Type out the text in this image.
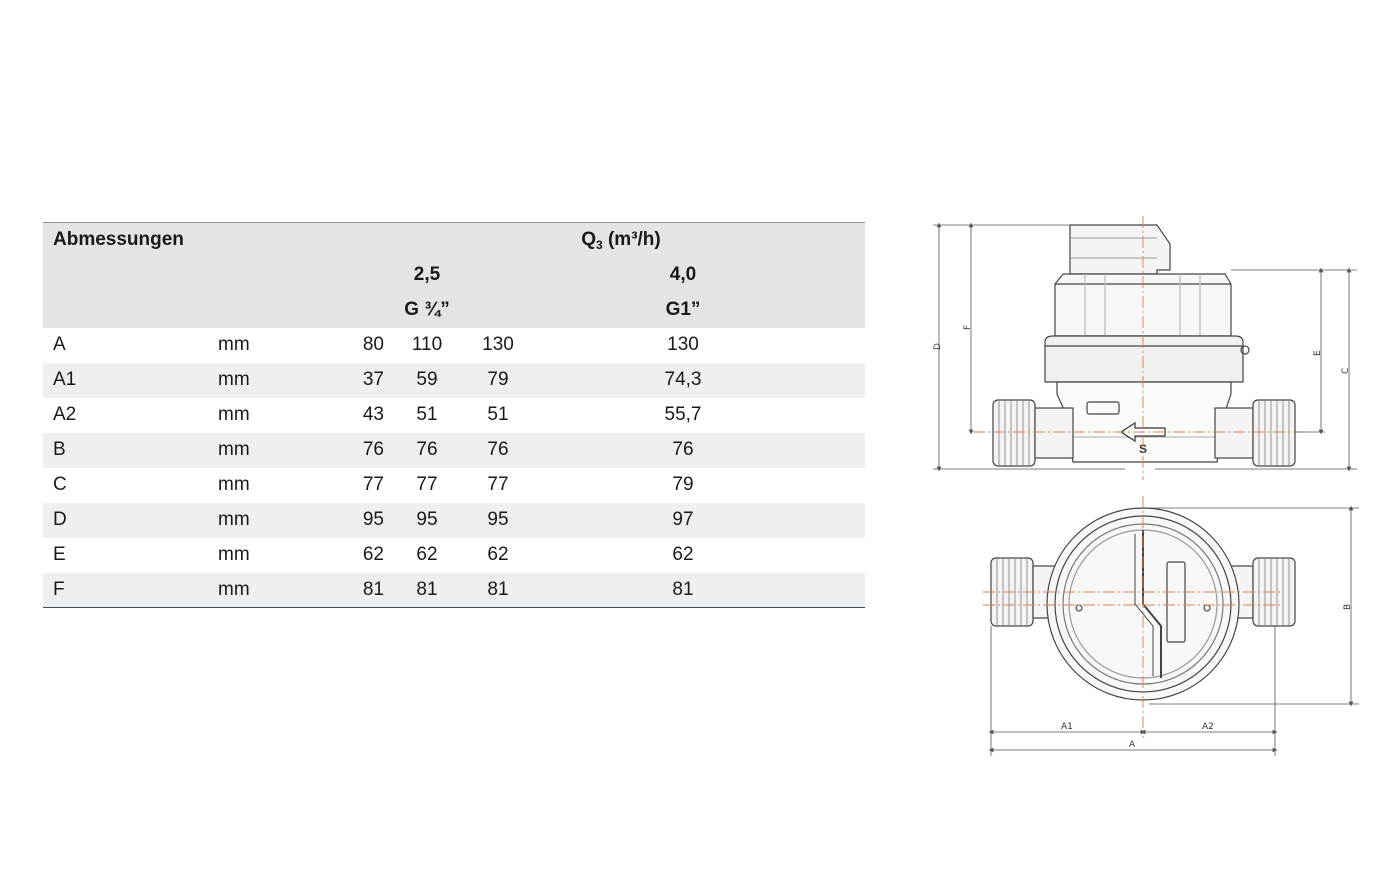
Abmessungen		$Q_3$ (m³/h)			
			2,5		4,0
			G ¾”		G1”
A	mm	80	110	130	130
A1	mm	37	59	79	74,3
A2	mm	43	51	51	55,7
B	mm	76	76	76	76
C	mm	77	77	77	79
D	mm	95	95	95	97
E	mm	62	62	62	62
F	mm	81	81	81	81
S
D
F
E
C
A1	A2
A
B
